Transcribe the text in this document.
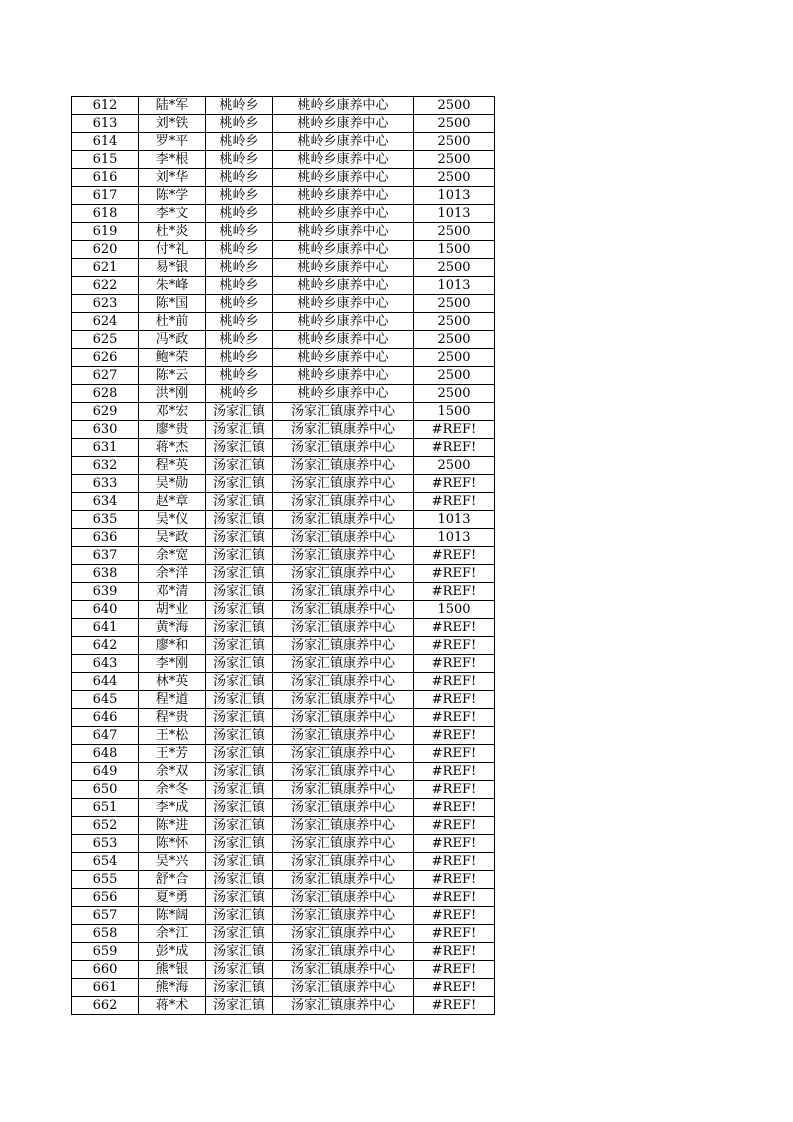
612	陆*军	桃岭乡	桃岭乡康养中心	2500
613	刘*铁	桃岭乡	桃岭乡康养中心	2500
614	罗*平	桃岭乡	桃岭乡康养中心	2500
615	李*根	桃岭乡	桃岭乡康养中心	2500
616	刘*华	桃岭乡	桃岭乡康养中心	2500
617	陈*学	桃岭乡	桃岭乡康养中心	1013
618	李*文	桃岭乡	桃岭乡康养中心	1013
619	杜*炎	桃岭乡	桃岭乡康养中心	2500
620	付*礼	桃岭乡	桃岭乡康养中心	1500
621	易*银	桃岭乡	桃岭乡康养中心	2500
622	朱*峰	桃岭乡	桃岭乡康养中心	1013
623	陈*国	桃岭乡	桃岭乡康养中心	2500
624	杜*前	桃岭乡	桃岭乡康养中心	2500
625	冯*政	桃岭乡	桃岭乡康养中心	2500
626	鲍*荣	桃岭乡	桃岭乡康养中心	2500
627	陈*云	桃岭乡	桃岭乡康养中心	2500
628	洪*刚	桃岭乡	桃岭乡康养中心	2500
629	邓*宏	汤家汇镇	汤家汇镇康养中心	1500
630	廖*贵	汤家汇镇	汤家汇镇康养中心	#REF!
631	蒋*杰	汤家汇镇	汤家汇镇康养中心	#REF!
632	程*英	汤家汇镇	汤家汇镇康养中心	2500
633	吴*勋	汤家汇镇	汤家汇镇康养中心	#REF!
634	赵*章	汤家汇镇	汤家汇镇康养中心	#REF!
635	吴*仪	汤家汇镇	汤家汇镇康养中心	1013
636	吴*政	汤家汇镇	汤家汇镇康养中心	1013
637	余*宽	汤家汇镇	汤家汇镇康养中心	#REF!
638	余*洋	汤家汇镇	汤家汇镇康养中心	#REF!
639	邓*清	汤家汇镇	汤家汇镇康养中心	#REF!
640	胡*业	汤家汇镇	汤家汇镇康养中心	1500
641	黄*海	汤家汇镇	汤家汇镇康养中心	#REF!
642	廖*和	汤家汇镇	汤家汇镇康养中心	#REF!
643	李*刚	汤家汇镇	汤家汇镇康养中心	#REF!
644	林*英	汤家汇镇	汤家汇镇康养中心	#REF!
645	程*道	汤家汇镇	汤家汇镇康养中心	#REF!
646	程*贵	汤家汇镇	汤家汇镇康养中心	#REF!
647	王*松	汤家汇镇	汤家汇镇康养中心	#REF!
648	王*芳	汤家汇镇	汤家汇镇康养中心	#REF!
649	余*双	汤家汇镇	汤家汇镇康养中心	#REF!
650	余*冬	汤家汇镇	汤家汇镇康养中心	#REF!
651	李*成	汤家汇镇	汤家汇镇康养中心	#REF!
652	陈*进	汤家汇镇	汤家汇镇康养中心	#REF!
653	陈*怀	汤家汇镇	汤家汇镇康养中心	#REF!
654	吴*兴	汤家汇镇	汤家汇镇康养中心	#REF!
655	舒*合	汤家汇镇	汤家汇镇康养中心	#REF!
656	夏*勇	汤家汇镇	汤家汇镇康养中心	#REF!
657	陈*阔	汤家汇镇	汤家汇镇康养中心	#REF!
658	余*江	汤家汇镇	汤家汇镇康养中心	#REF!
659	彭*成	汤家汇镇	汤家汇镇康养中心	#REF!
660	熊*银	汤家汇镇	汤家汇镇康养中心	#REF!
661	熊*海	汤家汇镇	汤家汇镇康养中心	#REF!
662	蒋*术	汤家汇镇	汤家汇镇康养中心	#REF!
